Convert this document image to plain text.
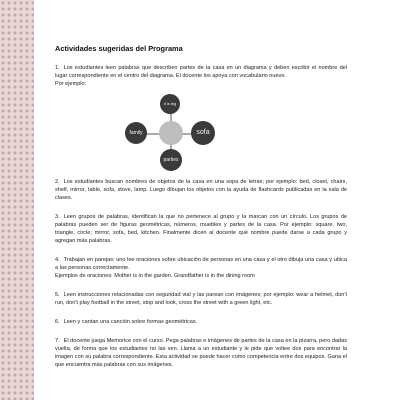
Actividades sugeridas del Programa

1. Los estudiantes leen palabras que describen partes de la casa en un diagrama y deben escribir el nombre del lugar correspondiente en el centro del diagrama. El docente los apoya con vocabulario nuevo.

Por ejemplo:

it is big
family	sofa
parties

2. Los estudiantes buscan nombres de objetos de la casa en una sopa de letras; por ejemplo: bed, closet, chairs, shelf, mirror, table, sofa, stove, lamp. Luego dibujan los objetos con la ayuda de flashcards publicadas en la sala de clases.

3. Leen grupos de palabras, identifican la que no pertenece al grupo y la marcan con un círculo. Los grupos de palabras pueden ser de figuras geométricas, números, muebles y partes de la casa. Por ejemplo: square, two, triangle, circle; mirror, sofa, bed, kitchen. Finalmente dicen al docente qué nombre puede darse a cada grupo y agregan más palabras.

4. Trabajan en parejas: uno lee oraciones sobre ubicación de personas en una casa y el otro dibuja una casa y ubica a las personas correctamente.

Ejemplos de oraciones: Mother is in the garden. Grandfather is in the dining room

5. Leen instrucciones relacionadas con seguridad vial y las parean con imágenes; por ejemplo: wear a helmet, don't run, don't play football in the street, stop and look, cross the street with a green light, etc.

6. Leen y cantan una canción sobre formas geométricas.

7. El docente juega Memorice con el curso. Pega palabras e imágenes de partes de la casa en la pizarra, pero dadas vuelta, de forma que los estudiantes no las ven. Llama a un estudiante y le pide que voltee dos para encontrar la imagen con su palabra correspondiente. Esta actividad se puede hacer como competencia entre dos equipos. Gana el que encuentra más palabras con sus imágenes.
